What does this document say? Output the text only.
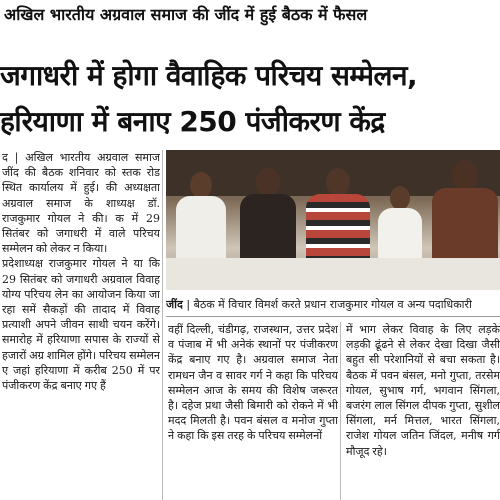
अखिल भारतीय अग्रवाल समाज की जींद में हुई बैठक में फैसल
जगाधरी में होगा वैवाहिक परिचय सम्मेलन,
हरियाणा में बनाए 250 पंजीकरण केंद्र

द | अखिल भारतीय अग्रवाल समाज जींद की बैठक शनिवार को स्तक रोड स्थित कार्यालय में हुई। की अध्यक्षता अग्रवाल समाज के शाध्यक्ष डॉ. राजकुमार गोयल ने की। क में 29 सितंबर को जगाधरी में वाले परिचय सम्मेलन को लेकर न किया।

प्रदेशाध्यक्ष राजकुमार गोयल ने या कि 29 सितंबर को जगाधरी अग्रवाल विवाह योग्य परिचय लेन का आयोजन किया जा रहा समें सैकड़ों की तादाद में विवाह प्रत्याशी अपने जीवन साथी चयन करेंगे। समारोह में हरियाणा सपास के राज्यों से हजारों अग्र शामिल होंगे। परिचय सम्मेलन ए जहां हरियाणा में करीब 250 में पर पंजीकरण केंद्र बनाए गए हैं

जींद | बैठक में विचार विमर्श करते प्रधान राजकुमार गोयल व अन्य पदाधिकारी

वहीं दिल्ली, चंडीगढ़, राजस्थान, उत्तर प्रदेश व पंजाब में भी अनेकं स्थानों पर पंजीकरण केंद्र बनाए गए है। अग्रवाल समाज नेता रामधन जैन व सावर गर्ग ने कहा कि परिचय सम्मेलन आज के समय की विशेष जरूरत है। दहेज प्रथा जैसी बिमारी को रोकने में भी मदद मिलती है। पवन बंसल व मनोज गुप्ता ने कहा कि इस तरह के परिचय सम्मेलनों

में भाग लेकर विवाह के लिए लड़के लड़की ढूंढने से लेकर देखा दिखा जैसी बहुत सी परेशानियों से बचा सकता है। बैठक में पवन बंसल, मनो गुप्ता, तरसेम गोयल, सुभाष गर्ग, भगवान सिंगला, बजरंग लाल सिंगल दीपक गुप्ता, सुशील सिंगला, मर्न मित्तल, भारत सिंगला, राजेश गोयल जतिन जिंदल, मनीष गर्ग मौजूद रहे।
